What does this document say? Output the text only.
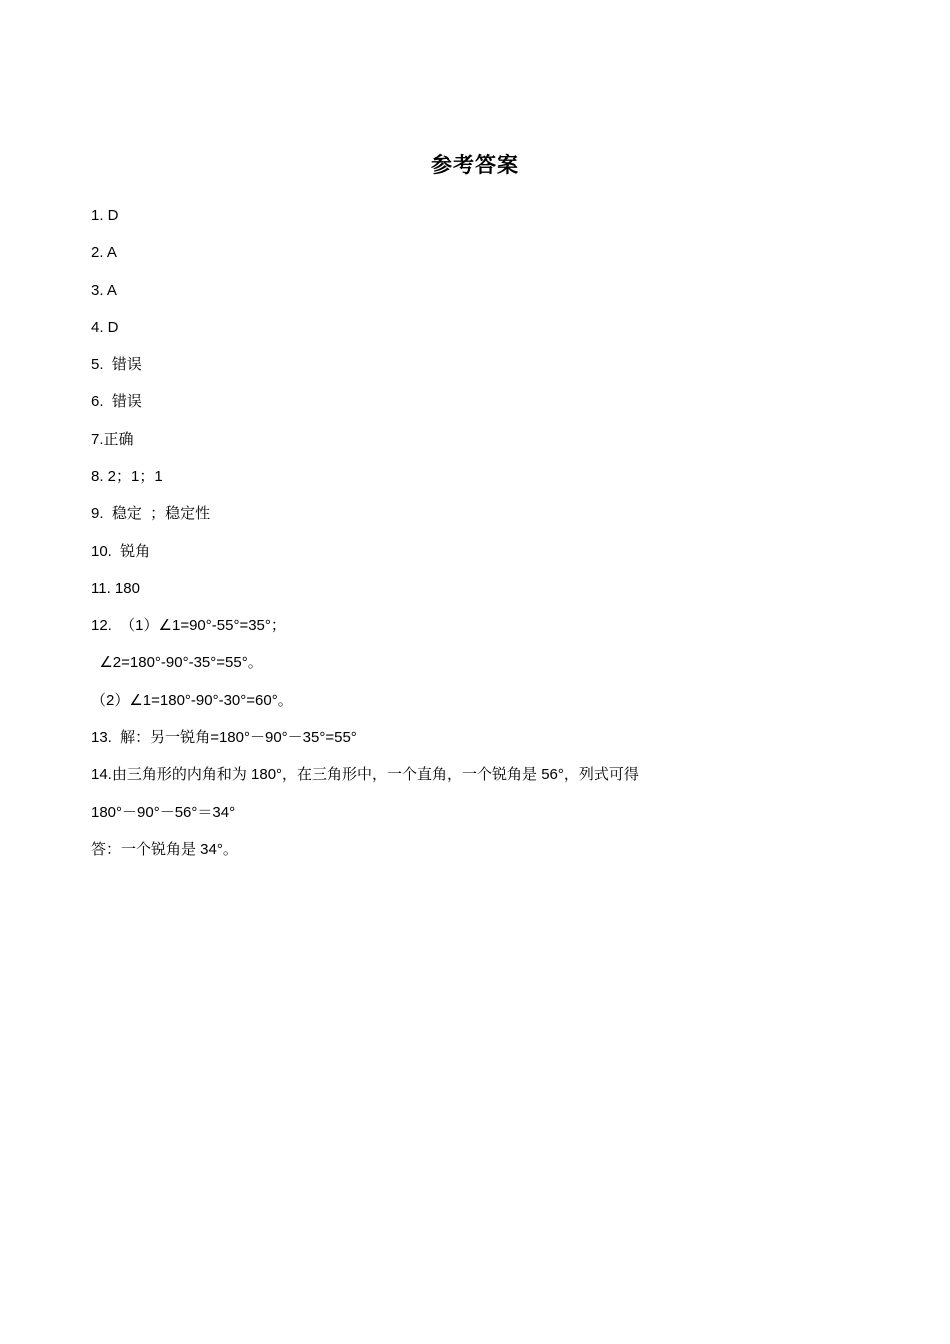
参考答案
1. D
2. A
3. A
4. D
5.  错误
6.  错误
7.正确
8. 2；1；1
9.  稳定  ；稳定性
10.  锐角
11. 180
12.  （1）∠1=90°-55°=35°；
∠2=180°-90°-35°=55°。
（2）∠1=180°-90°-30°=60°。
13.  解：另一锐角=180°－90°－35°=55°
14.由三角形的内角和为 180°，在三角形中，一个直角，一个锐角是 56°，列式可得
180°－90°－56°＝34°
答：一个锐角是 34°。
